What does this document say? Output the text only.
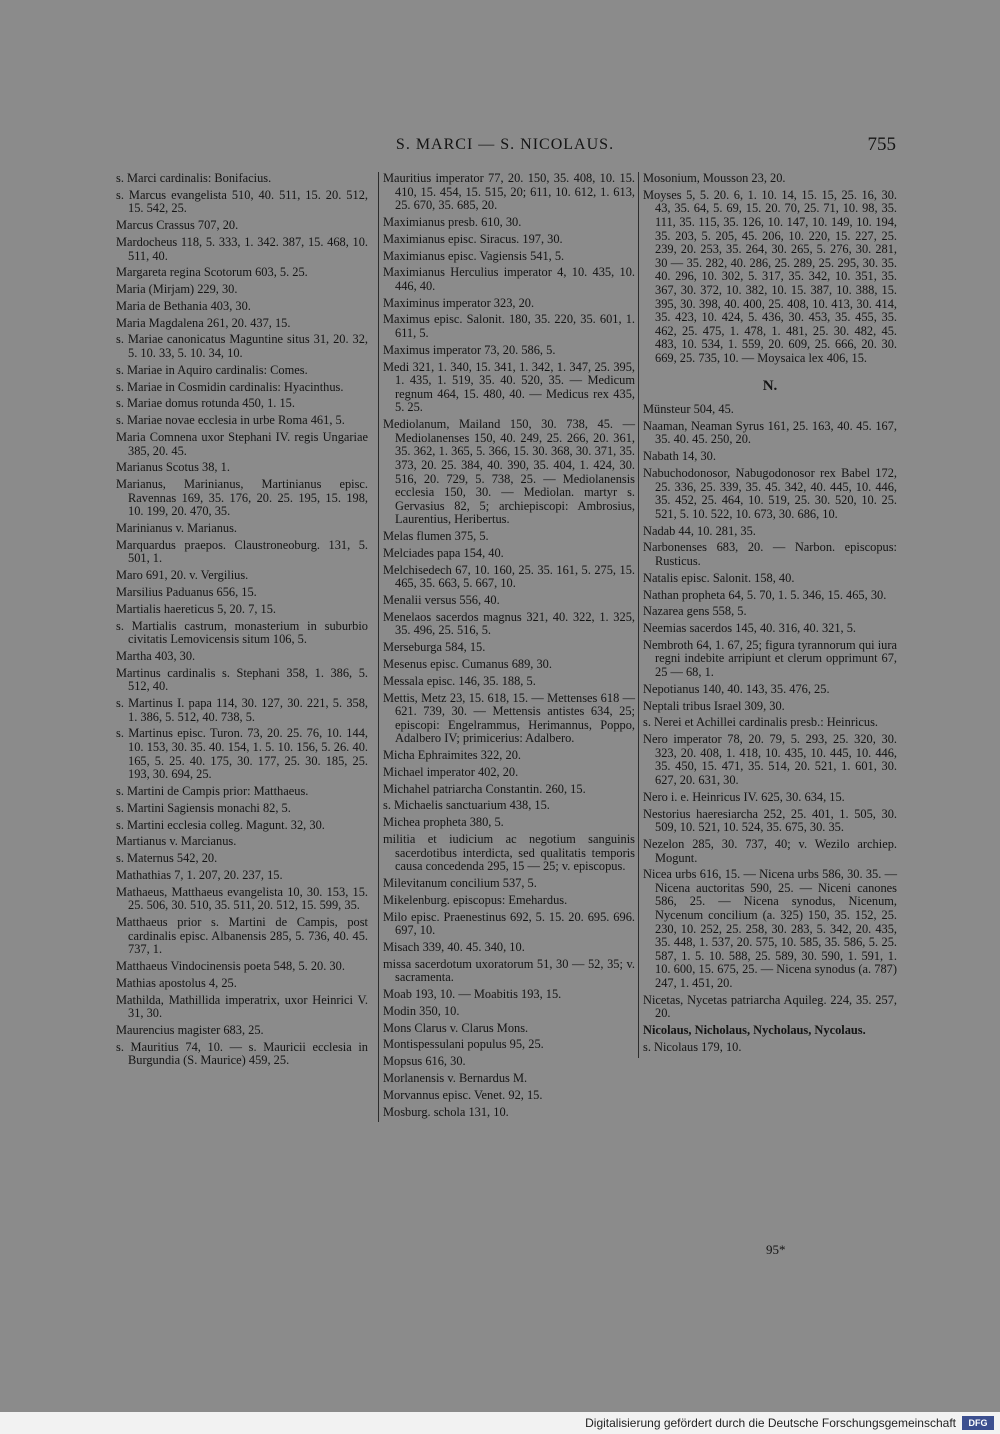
S. MARCI — S. NICOLAUS.	755
s. Marci cardinalis: Bonifacius.
s. Marcus evangelista 510, 40. 511, 15. 20. 512, 15. 542, 25.
Marcus Crassus 707, 20.
Mardocheus 118, 5. 333, 1. 342. 387, 15. 468, 10. 511, 40.
Margareta regina Scotorum 603, 5. 25.
Maria (Mirjam) 229, 30.
Maria de Bethania 403, 30.
Maria Magdalena 261, 20. 437, 15.
s. Mariae canonicatus Maguntine situs 31, 20. 32, 5. 10. 33, 5. 10. 34, 10.
s. Mariae in Aquiro cardinalis: Comes.
s. Mariae in Cosmidin cardinalis: Hyacinthus.
s. Mariae domus rotunda 450, 1. 15.
s. Mariae novae ecclesia in urbe Roma 461, 5.
Maria Comnena uxor Stephani IV. regis Ungariae 385, 20. 45.
Marianus Scotus 38, 1.
Marianus, Marinianus, Martinianus episc. Ravennas 169, 35. 176, 20. 25. 195, 15. 198, 10. 199, 20. 470, 35.
Marinianus v. Marianus.
Marquardus praepos. Claustroneoburg. 131, 5. 501, 1.
Maro 691, 20. v. Vergilius.
Marsilius Paduanus 656, 15.
Martialis haereticus 5, 20. 7, 15.
s. Martialis castrum, monasterium in suburbio civitatis Lemovicensis situm 106, 5.
Martha 403, 30.
Martinus cardinalis s. Stephani 358, 1. 386, 5. 512, 40.
s. Martinus I. papa 114, 30. 127, 30. 221, 5. 358, 1. 386, 5. 512, 40. 738, 5.
s. Martinus episc. Turon. 73, 20. 25. 76, 10. 144, 10. 153, 30. 35. 40. 154, 1. 5. 10. 156, 5. 26. 40. 165, 5. 25. 40. 175, 30. 177, 25. 30. 185, 25. 193, 30. 694, 25.
s. Martini de Campis prior: Matthaeus.
s. Martini Sagiensis monachi 82, 5.
s. Martini ecclesia colleg. Magunt. 32, 30.
Martianus v. Marcianus.
s. Maternus 542, 20.
Mathathias 7, 1. 207, 20. 237, 15.
Mathaeus, Matthaeus evangelista 10, 30. 153, 15. 25. 506, 30. 510, 35. 511, 20. 512, 15. 599, 35.
Matthaeus prior s. Martini de Campis, post cardinalis episc. Albanensis 285, 5. 736, 40. 45. 737, 1.
Matthaeus Vindocinensis poeta 548, 5. 20. 30.
Mathias apostolus 4, 25.
Mathilda, Mathillida imperatrix, uxor Heinrici V. 31, 30.
Maurencius magister 683, 25.
s. Mauritius 74, 10. — s. Mauricii ecclesia in Burgundia (S. Maurice) 459, 25.
Mauritius imperator 77, 20. 150, 35. 408, 10. 15. 410, 15. 454, 15. 515, 20; 611, 10. 612, 1. 613, 25. 670, 35. 685, 20.
Maximianus presb. 610, 30.
Maximianus episc. Siracus. 197, 30.
Maximianus episc. Vagiensis 541, 5.
Maximianus Herculius imperator 4, 10. 435, 10. 446, 40.
Maximinus imperator 323, 20.
Maximus episc. Salonit. 180, 35. 220, 35. 601, 1. 611, 5.
Maximus imperator 73, 20. 586, 5.
Medi 321, 1. 340, 15. 341, 1. 342, 1. 347, 25. 395, 1. 435, 1. 519, 35. 40. 520, 35. — Medicum regnum 464, 15. 480, 40. — Medicus rex 435, 5. 25.
Mediolanum, Mailand 150, 30. 738, 45. — Mediolanenses 150, 40. 249, 25. 266, 20. 361, 35. 362, 1. 365, 5. 366, 15. 30. 368, 30. 371, 35. 373, 20. 25. 384, 40. 390, 35. 404, 1. 424, 30. 516, 20. 729, 5. 738, 25. — Mediolanensis ecclesia 150, 30. — Mediolan. martyr s. Gervasius 82, 5; archiepiscopi: Ambrosius, Laurentius, Heribertus.
Melas flumen 375, 5.
Melciades papa 154, 40.
Melchisedech 67, 10. 160, 25. 35. 161, 5. 275, 15. 465, 35. 663, 5. 667, 10.
Menalii versus 556, 40.
Menelaos sacerdos magnus 321, 40. 322, 1. 325, 35. 496, 25. 516, 5.
Merseburga 584, 15.
Mesenus episc. Cumanus 689, 30.
Messala episc. 146, 35. 188, 5.
Mettis, Metz 23, 15. 618, 15. — Mettenses 618 — 621. 739, 30. — Mettensis antistes 634, 25; episcopi: Engelrammus, Herimannus, Poppo, Adalbero IV; primicerius: Adalbero.
Micha Ephraimites 322, 20.
Michael imperator 402, 20.
Michahel patriarcha Constantin. 260, 15.
s. Michaelis sanctuarium 438, 15.
Michea propheta 380, 5.
militia et iudicium ac negotium sanguinis sacerdotibus interdicta, sed qualitatis temporis causa concedenda 295, 15 — 25; v. episcopus.
Milevitanum concilium 537, 5.
Mikelenburg. episcopus: Emehardus.
Milo episc. Praenestinus 692, 5. 15. 20. 695. 696. 697, 10.
Misach 339, 40. 45. 340, 10.
missa sacerdotum uxoratorum 51, 30 — 52, 35; v. sacramenta.
Moab 193, 10. — Moabitis 193, 15.
Modin 350, 10.
Mons Clarus v. Clarus Mons.
Montispessulani populus 95, 25.
Mopsus 616, 30.
Morlanensis v. Bernardus M.
Morvannus episc. Venet. 92, 15.
Mosburg. schola 131, 10.
Mosonium, Mousson 23, 20.
Moyses 5, 5. 20. 6, 1. 10. 14, 15. 15, 25. 16, 30. 43, 35. 64, 5. 69, 15. 20. 70, 25. 71, 10. 98, 35. 111, 35. 115, 35. 126, 10. 147, 10. 149, 10. 194, 35. 203, 5. 205, 45. 206, 10. 220, 15. 227, 25. 239, 20. 253, 35. 264, 30. 265, 5. 276, 30. 281, 30 — 35. 282, 40. 286, 25. 289, 25. 295, 30. 35. 40. 296, 10. 302, 5. 317, 35. 342, 10. 351, 35. 367, 30. 372, 10. 382, 10. 15. 387, 10. 388, 15. 395, 30. 398, 40. 400, 25. 408, 10. 413, 30. 414, 35. 423, 10. 424, 5. 436, 30. 453, 35. 455, 35. 462, 25. 475, 1. 478, 1. 481, 25. 30. 482, 45. 483, 10. 534, 1. 559, 20. 609, 25. 666, 20. 30. 669, 25. 735, 10. — Moysaica lex 406, 15.
N.
Münsteur 504, 45.
Naaman, Neaman Syrus 161, 25. 163, 40. 45. 167, 35. 40. 45. 250, 20.
Nabath 14, 30.
Nabuchodonosor, Nabugodonosor rex Babel 172, 25. 336, 25. 339, 35. 45. 342, 40. 445, 10. 446, 35. 452, 25. 464, 10. 519, 25. 30. 520, 10. 25. 521, 5. 10. 522, 10. 673, 30. 686, 10.
Nadab 44, 10. 281, 35.
Narbonenses 683, 20. — Narbon. episcopus: Rusticus.
Natalis episc. Salonit. 158, 40.
Nathan propheta 64, 5. 70, 1. 5. 346, 15. 465, 30.
Nazarea gens 558, 5.
Neemias sacerdos 145, 40. 316, 40. 321, 5.
Nembroth 64, 1. 67, 25; figura tyrannorum qui iura regni indebite arripiunt et clerum opprimunt 67, 25 — 68, 1.
Nepotianus 140, 40. 143, 35. 476, 25.
Neptali tribus Israel 309, 30.
s. Nerei et Achillei cardinalis presb.: Heinricus.
Nero imperator 78, 20. 79, 5. 293, 25. 320, 30. 323, 20. 408, 1. 418, 10. 435, 10. 445, 10. 446, 35. 450, 15. 471, 35. 514, 20. 521, 1. 601, 30. 627, 20. 631, 30.
Nero i. e. Heinricus IV. 625, 30. 634, 15.
Nestorius haeresiarcha 252, 25. 401, 1. 505, 30. 509, 10. 521, 10. 524, 35. 675, 30. 35.
Nezelon 285, 30. 737, 40; v. Wezilo archiep. Mogunt.
Nicea urbs 616, 15. — Nicena urbs 586, 30. 35. — Nicena auctoritas 590, 25. — Niceni canones 586, 25. — Nicena synodus, Nicenum, Nycenum concilium (a. 325) 150, 35. 152, 25. 230, 10. 252, 25. 258, 30. 283, 5. 342, 20. 435, 35. 448, 1. 537, 20. 575, 10. 585, 35. 586, 5. 25. 587, 1. 5. 10. 588, 25. 589, 30. 590, 1. 591, 1. 10. 600, 15. 675, 25. — Nicena synodus (a. 787) 247, 1. 451, 20.
Nicetas, Nycetas patriarcha Aquileg. 224, 35. 257, 20.
Nicolaus, Nicholaus, Nycholaus, Nycolaus.
s. Nicolaus 179, 10.
95*
Digitalisierung gefördert durch die Deutsche Forschungsgemeinschaft	DFG
